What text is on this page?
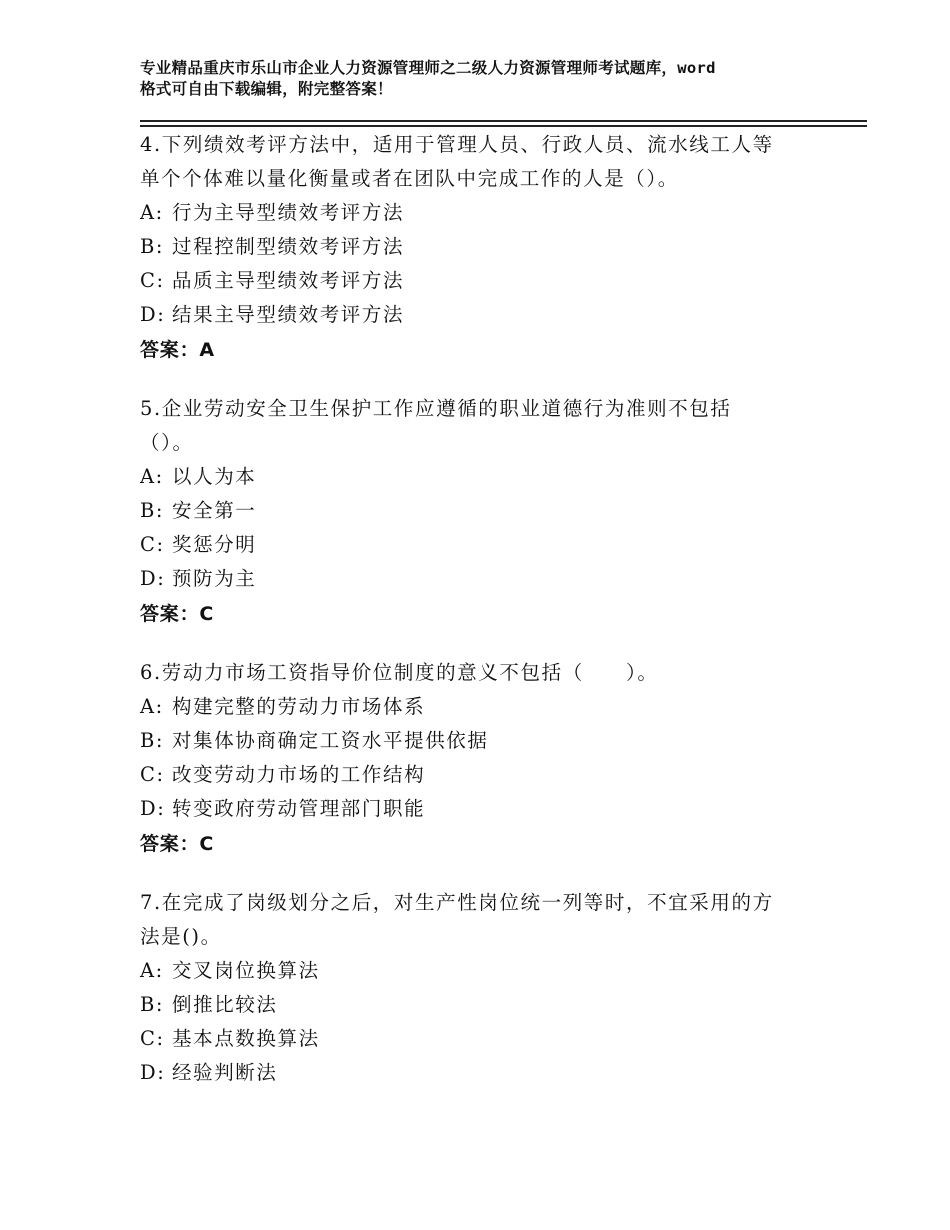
专业精品重庆市乐山市企业人力资源管理师之二级人力资源管理师考试题库，word
格式可自由下载编辑，附完整答案！
4.下列绩效考评方法中，适用于管理人员、行政人员、流水线工人等
单个个体难以量化衡量或者在团队中完成工作的人是（）。
A: 行为主导型绩效考评方法
B: 过程控制型绩效考评方法
C: 品质主导型绩效考评方法
D: 结果主导型绩效考评方法
答案：A
5.企业劳动安全卫生保护工作应遵循的职业道德行为准则不包括
（）。
A: 以人为本
B: 安全第一
C: 奖惩分明
D: 预防为主
答案：C
6.劳动力市场工资指导价位制度的意义不包括（　　）。
A: 构建完整的劳动力市场体系
B: 对集体协商确定工资水平提供依据
C: 改变劳动力市场的工作结构
D: 转变政府劳动管理部门职能
答案：C
7.在完成了岗级划分之后，对生产性岗位统一列等时，不宜采用的方
法是()。
A: 交叉岗位换算法
B: 倒推比较法
C: 基本点数换算法
D: 经验判断法
